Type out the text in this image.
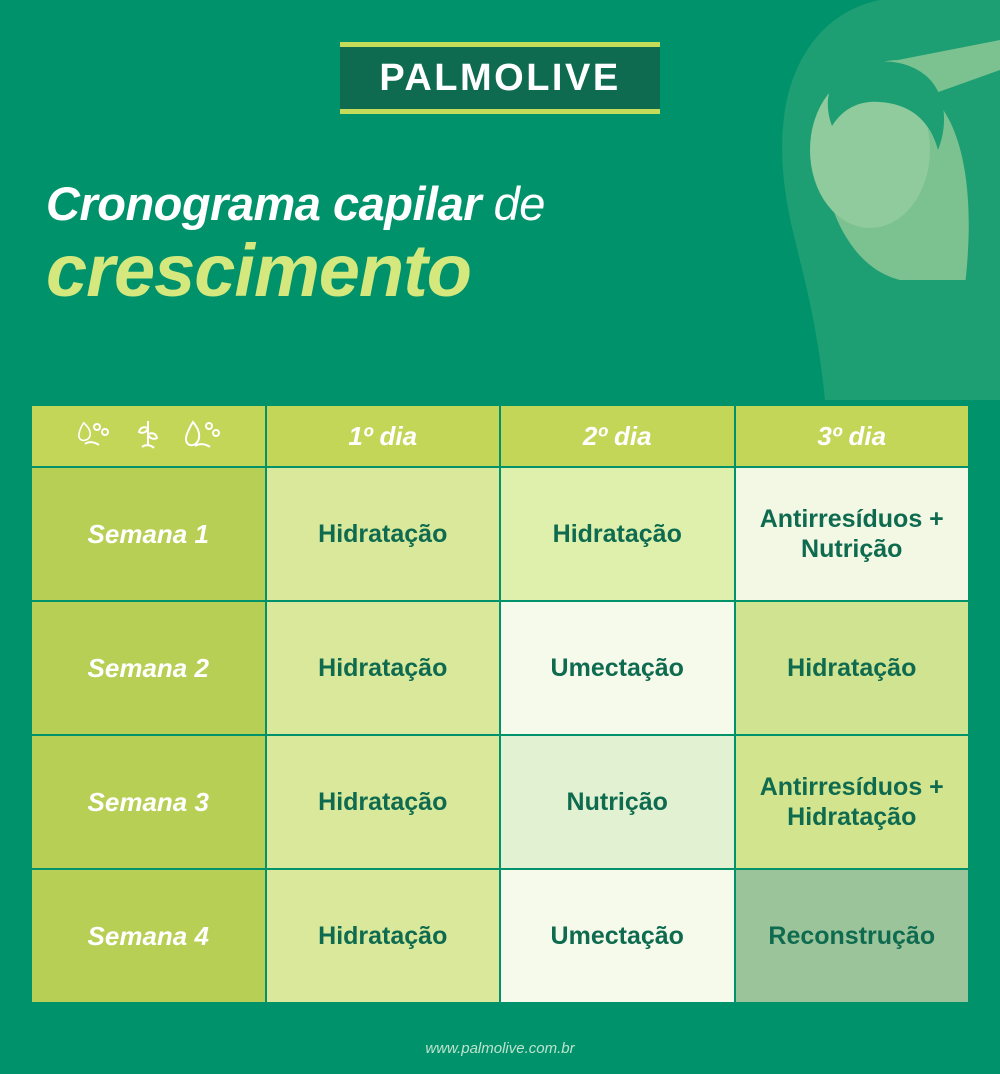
PALMOLIVE
Cronograma capilar de
crescimento
	1º dia	2º dia	3º dia
Semana 1	Hidratação	Hidratação	Antirresíduos + Nutrição
Semana 2	Hidratação	Umectação	Hidratação
Semana 3	Hidratação	Nutrição	Antirresíduos + Hidratação
Semana 4	Hidratação	Umectação	Reconstrução
www.palmolive.com.br
